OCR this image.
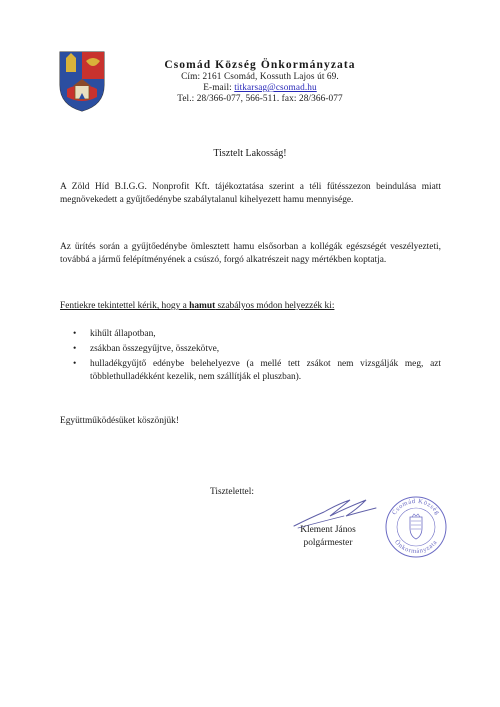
Csomád Község Önkormányzata
Cím: 2161 Csomád, Kossuth Lajos út 69.
E-mail: titkarsag@csomad.hu
Tel.: 28/366-077, 566-511. fax: 28/366-077
Tisztelt Lakosság!

A Zöld Híd B.I.G.G. Nonprofit Kft. tájékoztatása szerint a téli fűtésszezon beindulása miatt megnövekedett a gyűjtőedénybe szabálytalanul kihelyezett hamu mennyisége.

Az ürítés során a gyűjtőedénybe ömlesztett hamu elsősorban a kollégák egészségét veszélyezteti, továbbá a jármű felépítményének a csúszó, forgó alkatrészeit nagy mértékben koptatja.

Fentiekre tekintettel kérik, hogy a hamut szabályos módon helyezzék ki:
• kihűlt állapotban,
• zsákban összegyűjtve, összekötve,
• hulladékgyűjtő edénybe belehelyezve (a mellé tett zsákot nem vizsgálják meg, azt többlethulladékként kezelik, nem szállítják el pluszban).
Együttműködésüket köszönjük!
Tisztelettel:
Csomád Község
Önkormányzata
Klement János
polgármester
